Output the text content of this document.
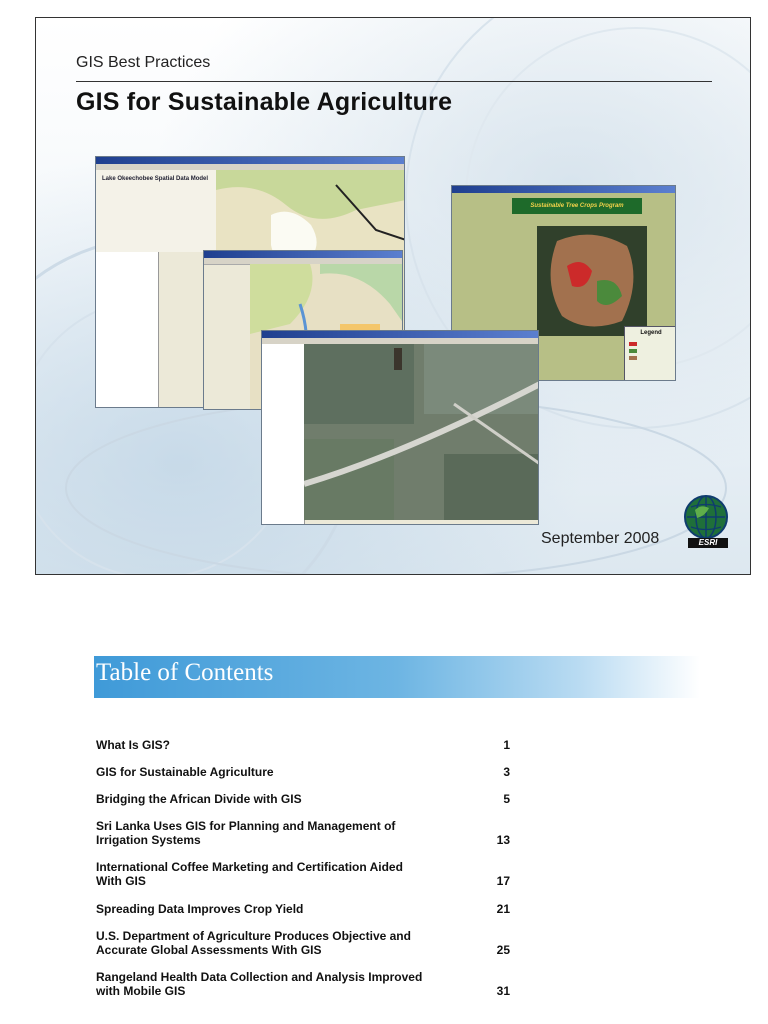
GIS Best Practices
GIS for Sustainable Agriculture
Lake Okeechobee Spatial Data Model
Sustainable Tree Crops Program
Legend
ESRI
September 2008
Table of Contents
What Is GIS?	1
GIS for Sustainable Agriculture	3
Bridging the African Divide with GIS	5
Sri Lanka Uses GIS for Planning and Management of Irrigation Systems	13
International Coffee Marketing and Certification Aided With GIS	17
Spreading Data Improves Crop Yield	21
U.S. Department of Agriculture Produces Objective and Accurate Global Assessments With GIS	25
Rangeland Health Data Collection and Analysis Improved with Mobile GIS	31
